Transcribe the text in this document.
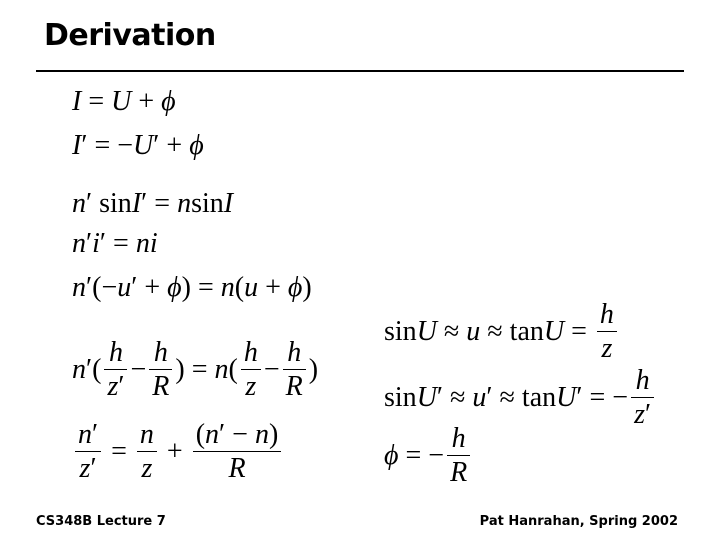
Derivation
I = U + ϕ
I ′ = − U ′ + ϕ
n ′ sin I ′ = n sin I
n ′ i ′ = ni
n ′(− u ′ + ϕ ) = n ( u + ϕ )
n ′( $\frac{h}{z'} - \frac{h}{R}$ ) = n ( $\frac{h}{z} - \frac{h}{R}$ )
$\frac{n'}{z'} = \frac{n}{z} + \frac{(n' - n)}{R}$
$\sin U \approx u \approx \tan U = \frac{h}{z}$
sin U ′ ≈ u ′ ≈ tan U ′ = − $\frac{h}{z'}$
ϕ = − $\frac{h}{R}$
CS348B Lecture 7	Pat Hanrahan, Spring 2002
